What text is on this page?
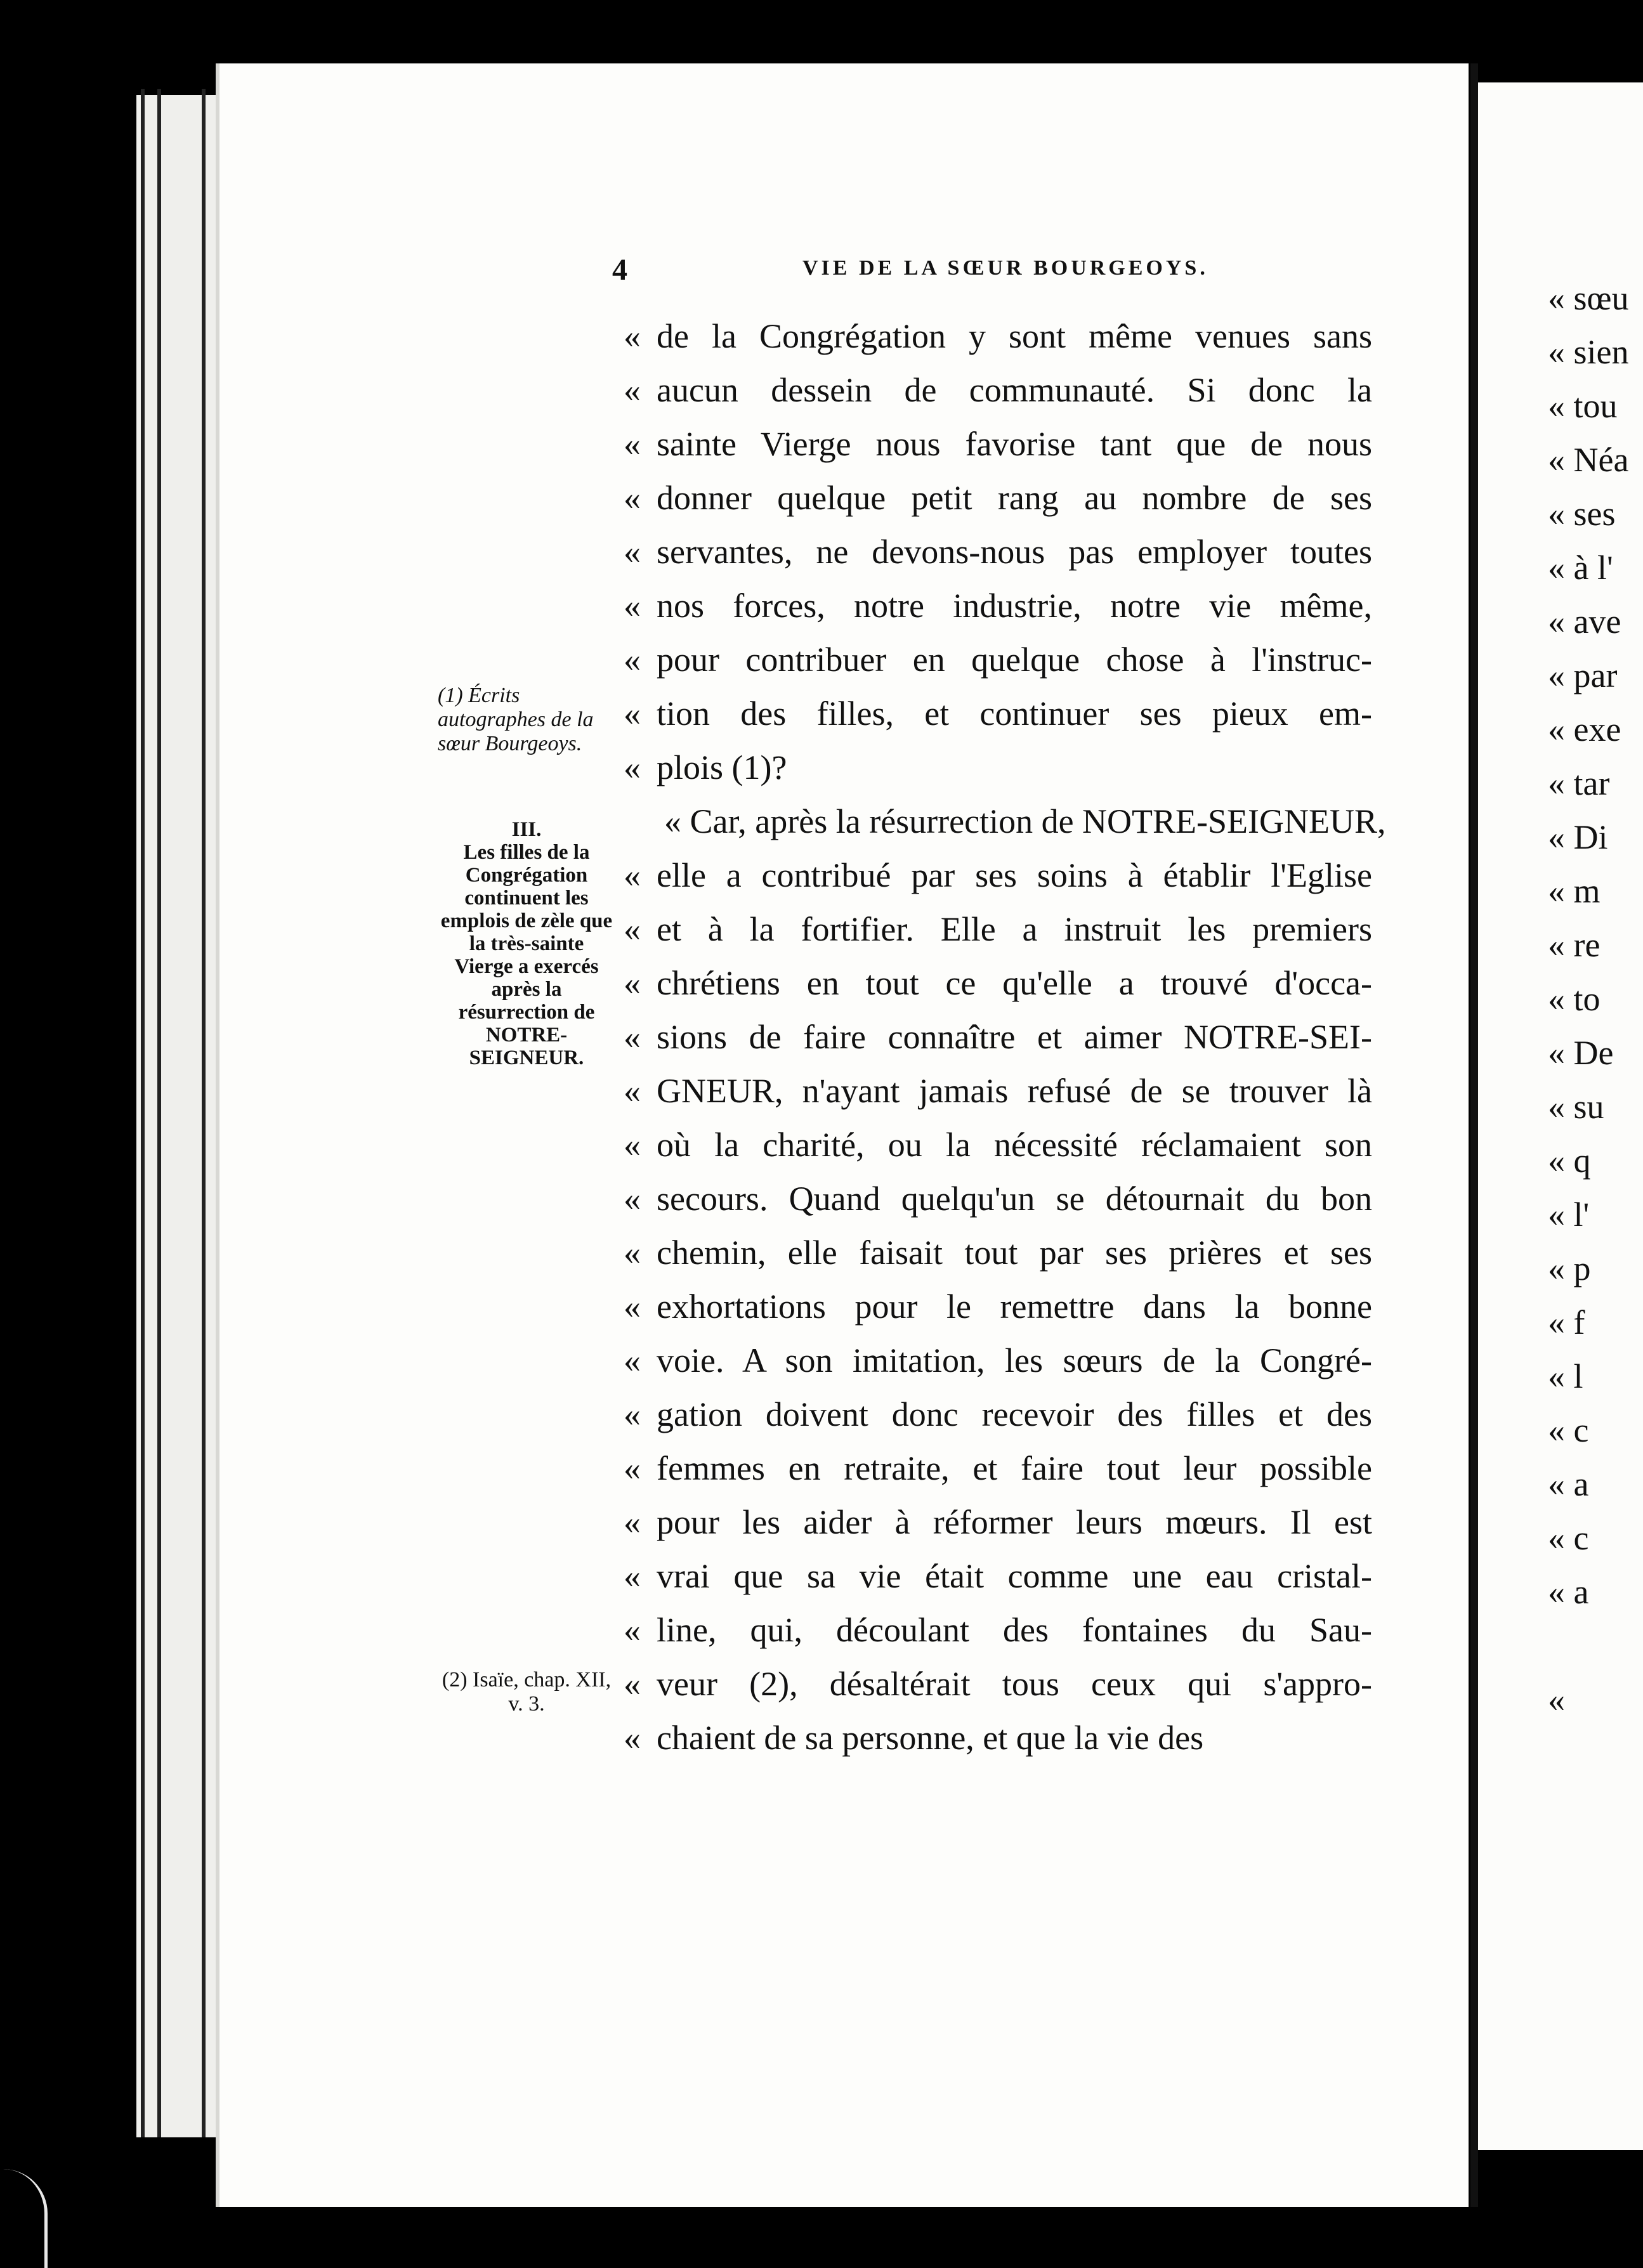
4	VIE DE LA SŒUR BOURGEOYS.
(1) Écrits autographes de la sœur Bourgeoys.
III.
Les filles de la Congrégation continuent les emplois de zèle que la très-sainte Vierge a exercés après la résurrection de NOTRE-SEIGNEUR.
(2) Isaïe, chap. XII, v. 3.
« de la Congrégation y sont même venues sans
« aucun dessein de communauté. Si donc la
« sainte Vierge nous favorise tant que de nous
« donner quelque petit rang au nombre de ses
« servantes, ne devons-nous pas employer toutes
« nos forces, notre industrie, notre vie même,
« pour contribuer en quelque chose à l'instruc-
« tion des filles, et continuer ses pieux em-
« plois (1)?
« Car, après la résurrection de NOTRE-SEIGNEUR,
« elle a contribué par ses soins à établir l'Eglise
« et à la fortifier. Elle a instruit les premiers
« chrétiens en tout ce qu'elle a trouvé d'occa-
« sions de faire connaître et aimer NOTRE-SEI-
« GNEUR, n'ayant jamais refusé de se trouver là
« où la charité, ou la nécessité réclamaient son
« secours. Quand quelqu'un se détournait du bon
« chemin, elle faisait tout par ses prières et ses
« exhortations pour le remettre dans la bonne
« voie. A son imitation, les sœurs de la Congré-
« gation doivent donc recevoir des filles et des
« femmes en retraite, et faire tout leur possible
« pour les aider à réformer leurs mœurs. Il est
« vrai que sa vie était comme une eau cristal-
« line, qui, découlant des fontaines du Sau-
« veur (2), désaltérait tous ceux qui s'appro-
« chaient de sa personne, et que la vie des
« sœu
« sien
« tou
« Néa
« ses
« à l'
« ave
« par
« exe
« tar
« Di
« m
« re
« to
« De
« su
« q
« l'
« p
« f
« l
« c
« a
« c
« a
«
